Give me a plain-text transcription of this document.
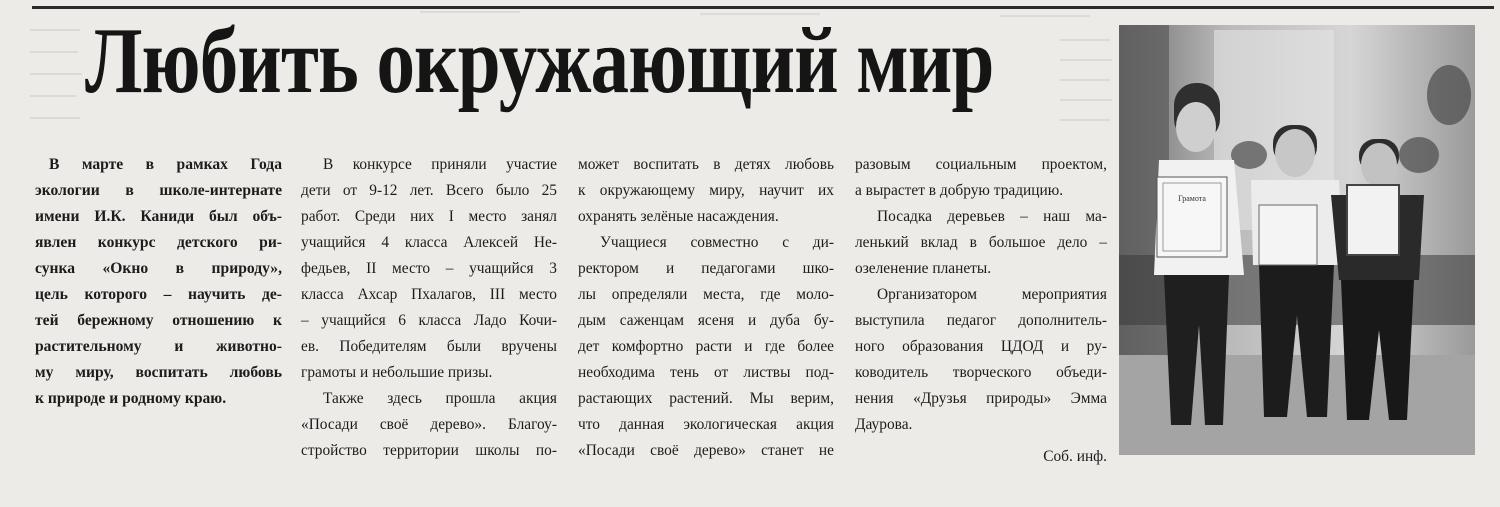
Любить окружающий мир

В марте в рамках Года

экологии в школе-интернате

имени И.К. Каниди был объ-

явлен конкурс детского ри-

сунка «Окно в природу»,

цель которого – научить де-

тей бережному отношению к

растительному и животно-

му миру, воспитать любовь

к природе и родному краю.

В конкурсе приняли участие

дети от 9-12 лет. Всего было 25

работ. Среди них I место занял

учащийся 4 класса Алексей Не-

федьев, II место – учащийся 3

класса Ахсар Пхалагов, III место

– учащийся 6 класса Ладо Кочи-

ев. Победителям были вручены

грамоты и небольшие призы.

Также здесь прошла акция

«Посади своё дерево». Благоу-

стройство территории школы по-

может воспитать в детях любовь

к окружающему миру, научит их

охранять зелёные насаждения.

Учащиеся совместно с ди-

ректором и педагогами шко-

лы определяли места, где моло-

дым саженцам ясеня и дуба бу-

дет комфортно расти и где более

необходима тень от листвы под-

растающих растений. Мы верим,

что данная экологическая акция

«Посади своё дерево» станет не

разовым социальным проектом,

а вырастет в добрую традицию.

Посадка деревьев – наш ма-

ленький вклад в большое дело –

озеленение планеты.

Организатором мероприятия

выступила педагог дополнитель-

ного образования ЦДОД и ру-

ководитель творческого объеди-

нения «Друзья природы» Эмма

Даурова.

Соб. инф.

Грамота
